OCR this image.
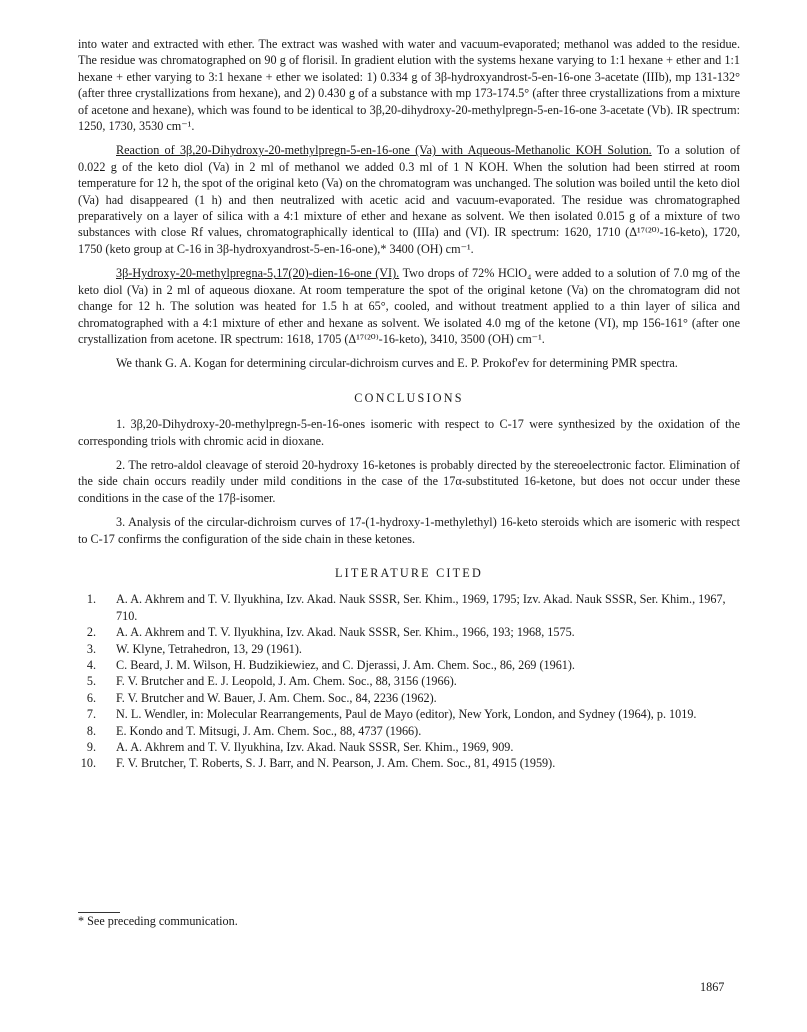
into water and extracted with ether. The extract was washed with water and vacuum-evaporated; methanol was added to the residue. The residue was chromatographed on 90 g of florisil. In gradient elution with the systems hexane varying to 1:1 hexane + ether and 1:1 hexane + ether varying to 3:1 hexane + ether we isolated: 1) 0.334 g of 3β-hydroxyandrost-5-en-16-one 3-acetate (IIIb), mp 131-132° (after three crystallizations from hexane), and 2) 0.430 g of a substance with mp 173-174.5° (after three crystallizations from a mixture of acetone and hexane), which was found to be identical to 3β,20-dihydroxy-20-methylpregn-5-en-16-one 3-acetate (Vb). IR spectrum: 1250, 1730, 3530 cm⁻¹.

Reaction of 3β,20-Dihydroxy-20-methylpregn-5-en-16-one (Va) with Aqueous-Methanolic KOH Solution. To a solution of 0.022 g of the keto diol (Va) in 2 ml of methanol we added 0.3 ml of 1 N KOH. When the solution had been stirred at room temperature for 12 h, the spot of the original keto (Va) on the chromatogram was unchanged. The solution was boiled until the keto diol (Va) had disappeared (1 h) and then neutralized with acetic acid and vacuum-evaporated. The residue was chromatographed preparatively on a layer of silica with a 4:1 mixture of ether and hexane as solvent. We then isolated 0.015 g of a mixture of two substances with close Rf values, chromatographically identical to (IIIa) and (VI). IR spectrum: 1620, 1710 (Δ¹⁷⁽²⁰⁾-16-keto), 1720, 1750 (keto group at C-16 in 3β-hydroxyandrost-5-en-16-one),* 3400 (OH) cm⁻¹.

3β-Hydroxy-20-methylpregna-5,17(20)-dien-16-one (VI). Two drops of 72% HClO₄ were added to a solution of 7.0 mg of the keto diol (Va) in 2 ml of aqueous dioxane. At room temperature the spot of the original ketone (Va) on the chromatogram did not change for 12 h. The solution was heated for 1.5 h at 65°, cooled, and without treatment applied to a thin layer of silica and chromatographed with a 4:1 mixture of ether and hexane as solvent. We isolated 4.0 mg of the ketone (VI), mp 156-161° (after one crystallization from acetone. IR spectrum: 1618, 1705 (Δ¹⁷⁽²⁰⁾-16-keto), 3410, 3500 (OH) cm⁻¹.

We thank G. A. Kogan for determining circular-dichroism curves and E. P. Prokof'ev for determining PMR spectra.

CONCLUSIONS

1. 3β,20-Dihydroxy-20-methylpregn-5-en-16-ones isomeric with respect to C-17 were synthesized by the oxidation of the corresponding triols with chromic acid in dioxane.

2. The retro-aldol cleavage of steroid 20-hydroxy 16-ketones is probably directed by the stereoelectronic factor. Elimination of the side chain occurs readily under mild conditions in the case of the 17α-substituted 16-ketone, but does not occur under these conditions in the case of the 17β-isomer.

3. Analysis of the circular-dichroism curves of 17-(1-hydroxy-1-methylethyl) 16-keto steroids which are isomeric with respect to C-17 confirms the configuration of the side chain in these ketones.

LITERATURE CITED
1. A. A. Akhrem and T. V. Ilyukhina, Izv. Akad. Nauk SSSR, Ser. Khim., 1969, 1795; Izv. Akad. Nauk SSSR, Ser. Khim., 1967, 710.
2. A. A. Akhrem and T. V. Ilyukhina, Izv. Akad. Nauk SSSR, Ser. Khim., 1966, 193; 1968, 1575.
3. W. Klyne, Tetrahedron, 13, 29 (1961).
4. C. Beard, J. M. Wilson, H. Budzikiewiez, and C. Djerassi, J. Am. Chem. Soc., 86, 269 (1961).
5. F. V. Brutcher and E. J. Leopold, J. Am. Chem. Soc., 88, 3156 (1966).
6. F. V. Brutcher and W. Bauer, J. Am. Chem. Soc., 84, 2236 (1962).
7. N. L. Wendler, in: Molecular Rearrangements, Paul de Mayo (editor), New York, London, and Sydney (1964), p. 1019.
8. E. Kondo and T. Mitsugi, J. Am. Chem. Soc., 88, 4737 (1966).
9. A. A. Akhrem and T. V. Ilyukhina, Izv. Akad. Nauk SSSR, Ser. Khim., 1969, 909.
10. F. V. Brutcher, T. Roberts, S. J. Barr, and N. Pearson, J. Am. Chem. Soc., 81, 4915 (1959).
* See preceding communication.
1867
